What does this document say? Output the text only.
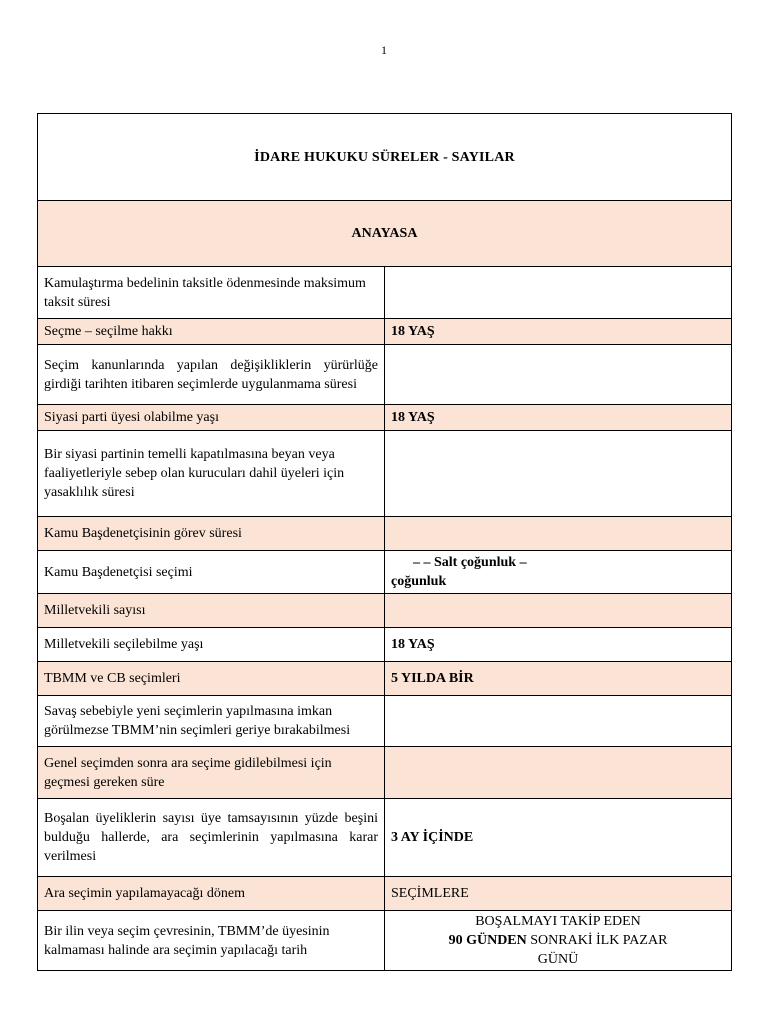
1
İDARE HUKUKU SÜRELER - SAYILAR	
ANAYASA	
Kamulaştırma bedelinin taksitle ödenmesinde maksimum taksit süresi	
Seçme – seçilme hakkı	18 YAŞ
Seçim kanunlarında yapılan değişikliklerin yürürlüğe girdiği tarihten itibaren seçimlerde uygulanmama süresi	
Siyasi parti üyesi olabilme yaşı	18 YAŞ
Bir siyasi partinin temelli kapatılmasına beyan veya faaliyetleriyle sebep olan kurucuları dahil üyeleri için yasaklılık süresi	
Kamu Başdenetçisinin görev süresi	
Kamu Başdenetçisi seçimi	– – Salt çoğunluk –
çoğunluk

Milletvekili sayısı	
Milletvekili seçilebilme yaşı	18 YAŞ
TBMM ve CB seçimleri	5 YILDA BİR
Savaş sebebiyle yeni seçimlerin yapılmasına imkan görülmezse TBMM’nin seçimleri geriye bırakabilmesi	
Genel seçimden sonra ara seçime gidilebilmesi için geçmesi gereken süre	
Boşalan üyeliklerin sayısı üye tamsayısının yüzde beşini bulduğu hallerde, ara seçimlerinin yapılmasına karar verilmesi	3 AY İÇİNDE
Ara seçimin yapılamayacağı dönem	SEÇİMLERE
Bir ilin veya seçim çevresinin, TBMM’de üyesinin kalmaması halinde ara seçimin yapılacağı tarih	BOŞALMAYI TAKİP EDEN
90 GÜNDEN SONRAKİ İLK PAZAR
GÜNÜ
